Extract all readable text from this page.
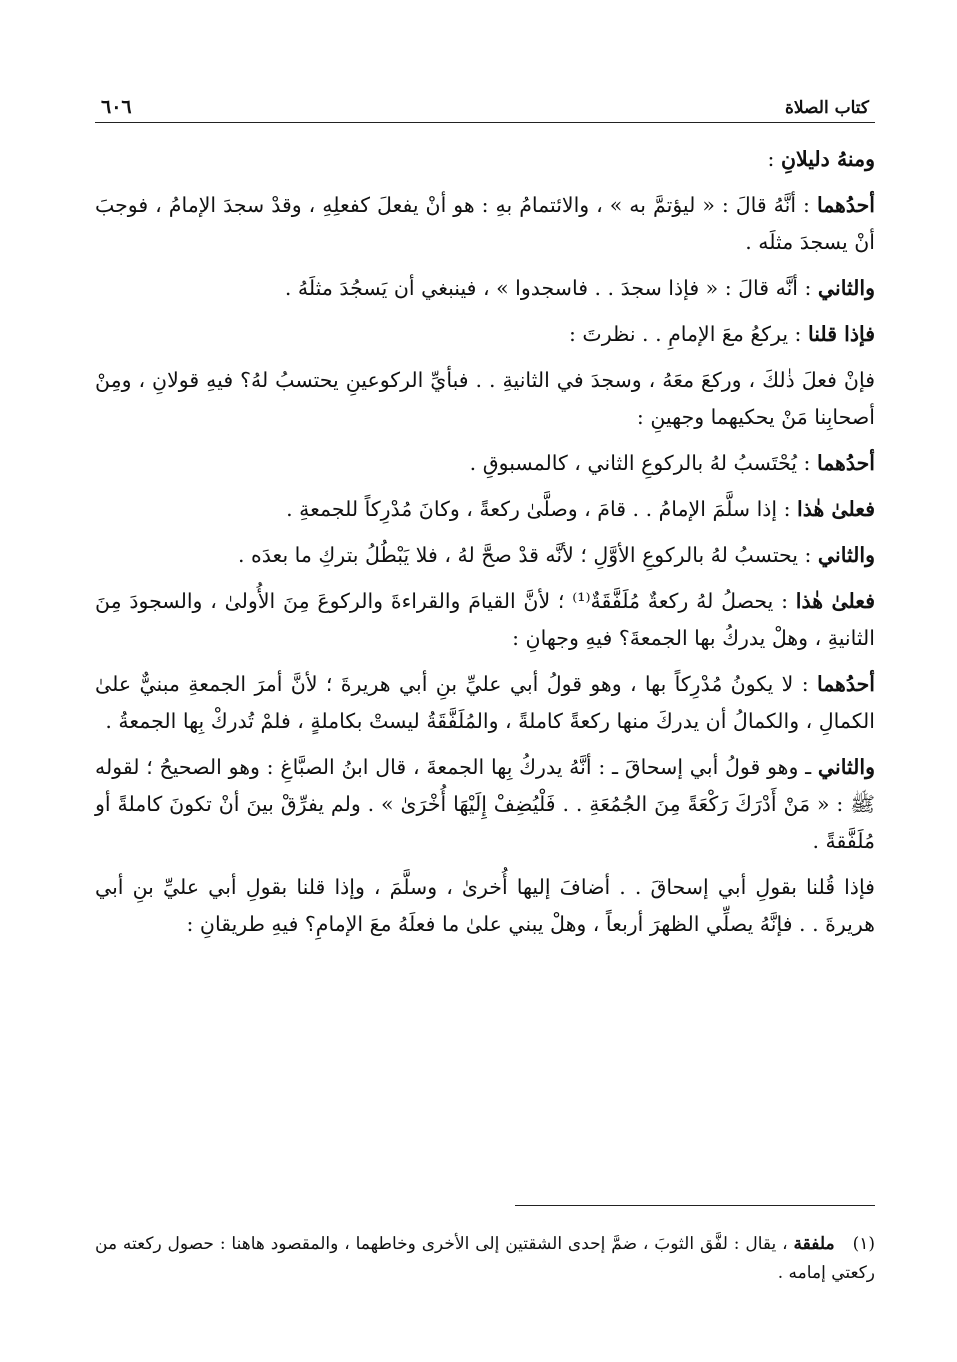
كتاب الصلاة
٦٠٦

ومنهُ دليلانِ :

أحدُهما : أنَّهُ قالَ : « ليؤتمَّ به » ، والائتمامُ بهِ : هو أنْ يفعلَ كفعلِهِ ، وقدْ سجدَ الإمامُ ، فوجبَ أنْ يسجدَ مثلَه .

والثاني : أنَّه قالَ : « فإذا سجدَ . . فاسجدوا » ، فينبغي أن يَسجُدَ مثلَهُ .

فإذا قلنا : يركعُ معَ الإمامِ . . نظرتَ :

فإنْ فعلَ ذٰلكَ ، وركعَ معَهُ ، وسجدَ في الثانيةِ . . فبأيِّ الركوعينِ يحتسبُ لهُ؟ فيهِ قولانِ ، ومِنْ أصحابِنا مَنْ يحكيهما وجهينِ :

أحدُهما : يُحْتَسبُ لهُ بالركوعِ الثاني ، كالمسبوقِ .

فعلىٰ هٰذا : إذا سلَّمَ الإمامُ . . قامَ ، وصلَّىٰ ركعةً ، وكانَ مُدْرِكاً للجمعةِ .

والثاني : يحتسبُ لهُ بالركوعِ الأوَّلِ ؛ لأنَّه قدْ صحَّ لهُ ، فلا يَبْطُلُ بتركِ ما بعدَه .

فعلىٰ هٰذا : يحصلُ لهُ ركعةٌ مُلَفَّقَةٌ⁽¹⁾ ؛ لأنَّ القيامَ والقراءةَ والركوعَ مِنَ الأُولىٰ ، والسجودَ مِنَ الثانيةِ ، وهلْ يدركُ بها الجمعةَ؟ فيهِ وجهانِ :

أحدُهما : لا يكونُ مُدْرِكاً بها ، وهو قولُ أبي عليِّ بنِ أبي هريرةَ ؛ لأنَّ أمرَ الجمعةِ مبنيٌّ علىٰ الكمالِ ، والكمالُ أن يدركَ منها ركعةً كاملةً ، والمُلَفَّقَةُ ليستْ بكاملةٍ ، فلمْ تُدركْ بِها الجمعةُ .

والثاني ـ وهو قولُ أبي إسحاقَ ـ : أنَّهُ يدركُ بِها الجمعةَ ، قال ابنُ الصبَّاغِ : وهو الصحيحُ ؛ لقوله ﷺ : « مَنْ أَدْرَكَ رَكْعَةً مِنَ الجُمُعَةِ . . فَلْيُضِفْ إِلَيْهَا أُخْرَىٰ » . ولم يفرِّقْ بينَ أنْ تكونَ كاملةً أو مُلَفَّقةً .

فإذا قُلنا بقولِ أبي إسحاقَ . . أضافَ إليها أُخرىٰ ، وسلَّمَ ، وإذا قلنا بقولِ أبي عليِّ بنِ أبي هريرةَ . . فإنَّهُ يصلِّي الظهرَ أربعاً ، وهلْ يبني علىٰ ما فعلَهُ معَ الإمامِ؟ فيهِ طريقانِ :

(١)ملفقة ، يقال : لفَّق الثوبَ ، ضمَّ إحدى الشقتين إلى الأخرى وخاطهما ، والمقصود هاهنا : حصول ركعته من ركعتي إمامه .
